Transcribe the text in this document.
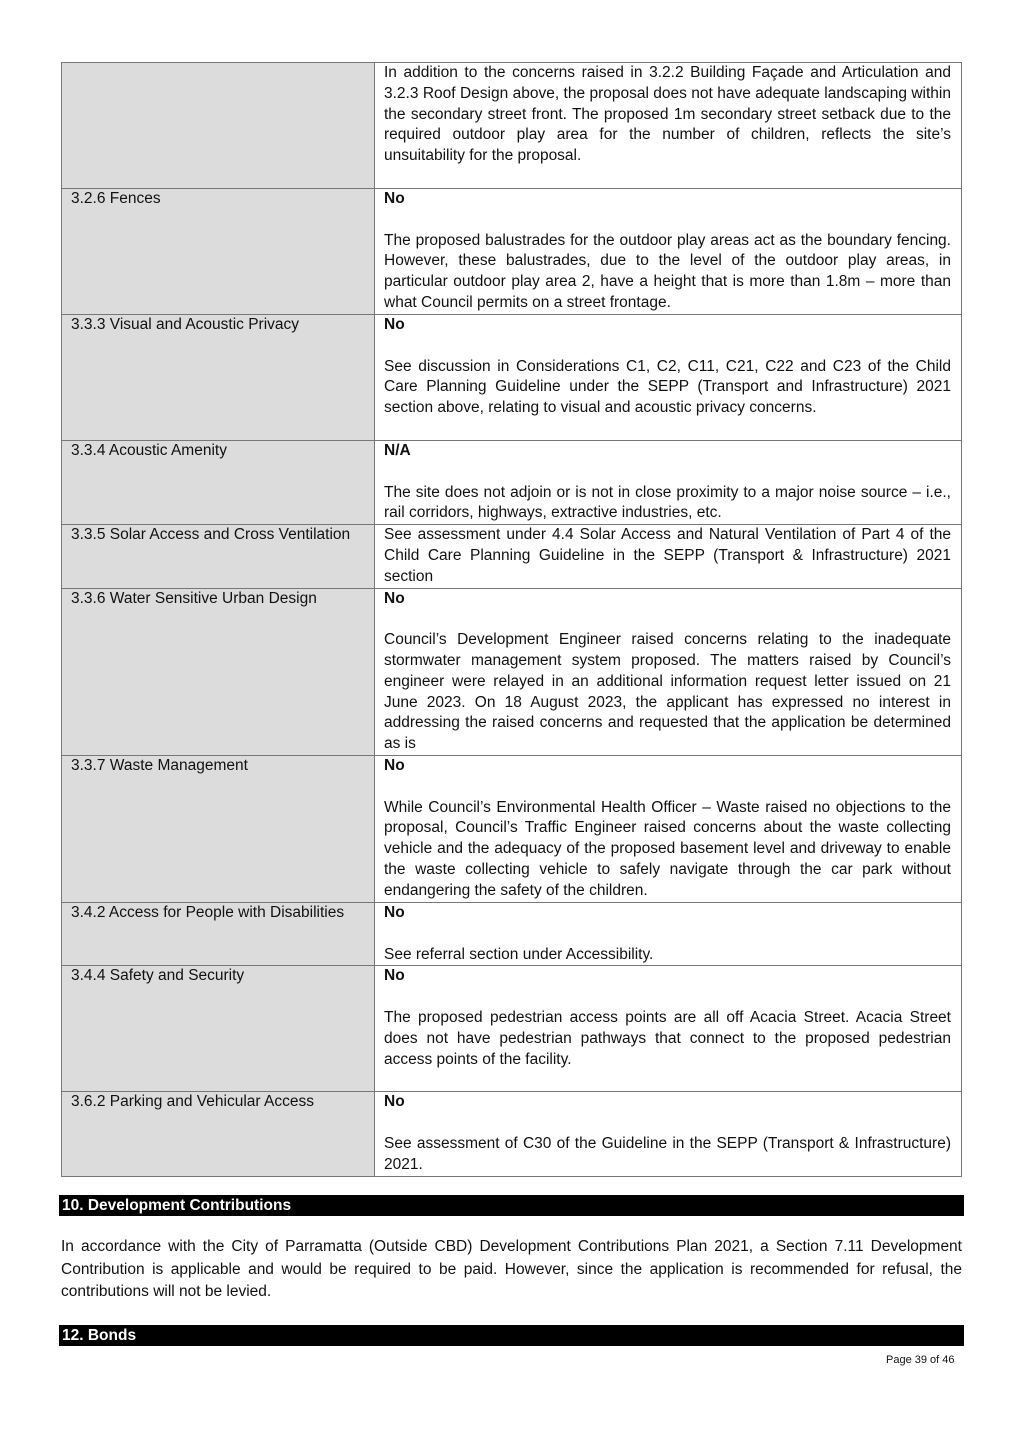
	In addition to the concerns raised in 3.2.2 Building Façade and Articulation and 3.2.3 Roof Design above, the proposal does not have adequate landscaping within the secondary street front. The proposed 1m secondary street setback due to the required outdoor play area for the number of children, reflects the site’s unsuitability for the proposal.

3.2.6 Fences	No
The proposed balustrades for the outdoor play areas act as the boundary fencing. However, these balustrades, due to the level of the outdoor play areas, in particular outdoor play area 2, have a height that is more than 1.8m – more than what Council permits on a street frontage.

3.3.3 Visual and Acoustic Privacy	No
See discussion in Considerations C1, C2, C11, C21, C22 and C23 of the Child Care Planning Guideline under the SEPP (Transport and Infrastructure) 2021 section above, relating to visual and acoustic privacy concerns.

3.3.4 Acoustic Amenity	N/A
The site does not adjoin or is not in close proximity to a major noise source – i.e., rail corridors, highways, extractive industries, etc.

3.3.5 Solar Access and Cross Ventilation	See assessment under 4.4 Solar Access and Natural Ventilation of Part 4 of the Child Care Planning Guideline in the SEPP (Transport & Infrastructure) 2021 section

3.3.6 Water Sensitive Urban Design	No
Council’s Development Engineer raised concerns relating to the inadequate stormwater management system proposed. The matters raised by Council’s engineer were relayed in an additional information request letter issued on 21 June 2023. On 18 August 2023, the applicant has expressed no interest in addressing the raised concerns and requested that the application be determined as is

3.3.7 Waste Management	No
While Council’s Environmental Health Officer – Waste raised no objections to the proposal, Council’s Traffic Engineer raised concerns about the waste collecting vehicle and the adequacy of the proposed basement level and driveway to enable the waste collecting vehicle to safely navigate through the car park without endangering the safety of the children.

3.4.2 Access for People with Disabilities	No
See referral section under Accessibility.

3.4.4 Safety and Security	No
The proposed pedestrian access points are all off Acacia Street. Acacia Street does not have pedestrian pathways that connect to the proposed pedestrian access points of the facility.

3.6.2 Parking and Vehicular Access	No
See assessment of C30 of the Guideline in the SEPP (Transport & Infrastructure) 2021.
10. Development Contributions

In accordance with the City of Parramatta (Outside CBD) Development Contributions Plan 2021, a Section 7.11 Development Contribution is applicable and would be required to be paid. However, since the application is recommended for refusal, the contributions will not be levied.

12. Bonds
Page 39 of 46
